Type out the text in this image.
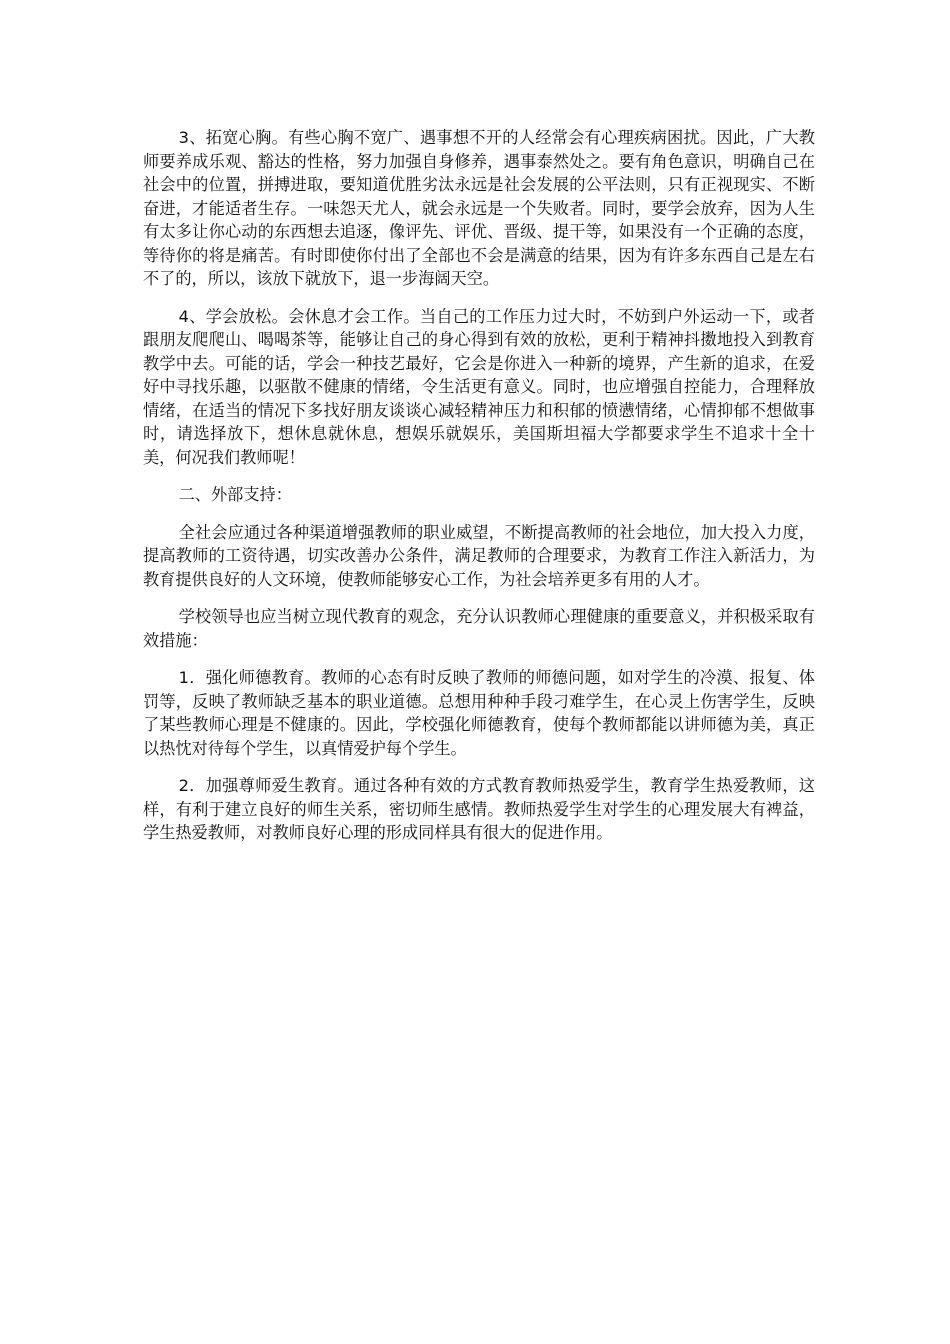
3、拓宽心胸。有些心胸不宽广、遇事想不开的人经常会有心理疾病困扰。因此，广大教师要养成乐观、豁达的性格，努力加强自身修养，遇事泰然处之。要有角色意识，明确自己在社会中的位置，拼搏进取，要知道优胜劣汰永远是社会发展的公平法则，只有正视现实、不断奋进，才能适者生存。一味怨天尤人，就会永远是一个失败者。同时，要学会放弃，因为人生有太多让你心动的东西想去追逐，像评先、评优、晋级、提干等，如果没有一个正确的态度，等待你的将是痛苦。有时即使你付出了全部也不会是满意的结果，因为有许多东西自己是左右不了的，所以，该放下就放下，退一步海阔天空。

4、学会放松。会休息才会工作。当自己的工作压力过大时，不妨到户外运动一下，或者跟朋友爬爬山、喝喝茶等，能够让自己的身心得到有效的放松，更利于精神抖擞地投入到教育教学中去。可能的话，学会一种技艺最好，它会是你进入一种新的境界，产生新的追求，在爱好中寻找乐趣，以驱散不健康的情绪，令生活更有意义。同时，也应增强自控能力，合理释放情绪，在适当的情况下多找好朋友谈谈心减轻精神压力和积郁的愤懑情绪，心情抑郁不想做事时，请选择放下，想休息就休息，想娱乐就娱乐，美国斯坦福大学都要求学生不追求十全十美，何况我们教师呢！

二、外部支持：

全社会应通过各种渠道增强教师的职业威望，不断提高教师的社会地位，加大投入力度，提高教师的工资待遇，切实改善办公条件，满足教师的合理要求，为教育工作注入新活力，为教育提供良好的人文环境，使教师能够安心工作，为社会培养更多有用的人才。

学校领导也应当树立现代教育的观念，充分认识教师心理健康的重要意义，并积极采取有效措施：

1．强化师德教育。教师的心态有时反映了教师的师德问题，如对学生的冷漠、报复、体罚等，反映了教师缺乏基本的职业道德。总想用种种手段刁难学生，在心灵上伤害学生，反映了某些教师心理是不健康的。因此，学校强化师德教育，使每个教师都能以讲师德为美，真正以热忱对待每个学生，以真情爱护每个学生。

2．加强尊师爱生教育。通过各种有效的方式教育教师热爱学生，教育学生热爱教师，这样，有利于建立良好的师生关系，密切师生感情。教师热爱学生对学生的心理发展大有裨益，学生热爱教师，对教师良好心理的形成同样具有很大的促进作用。
